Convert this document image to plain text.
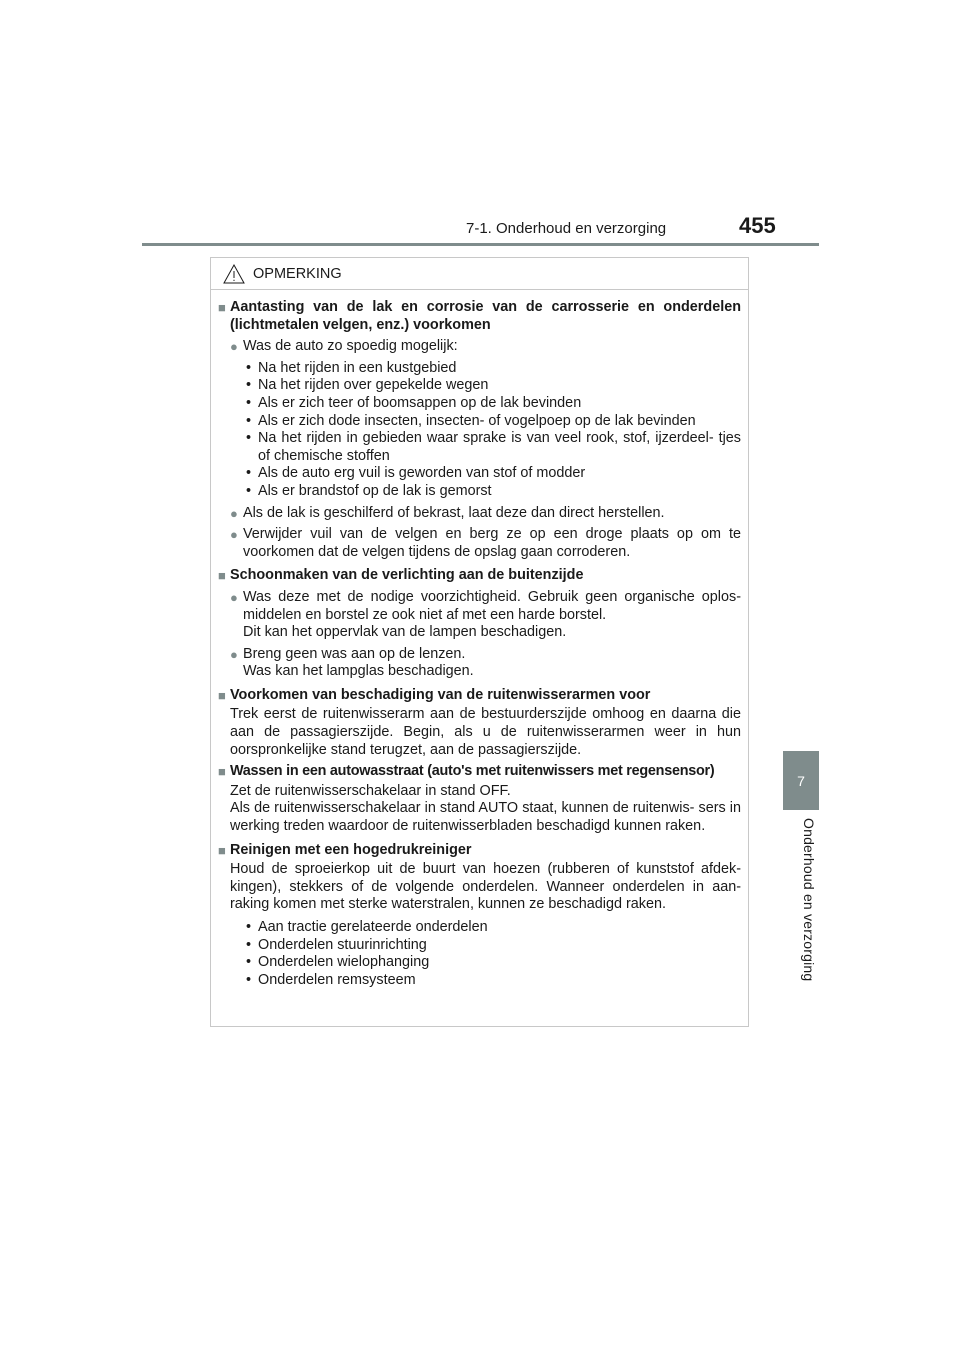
7-1. Onderhoud en verzorging	455
7
Onderhoud en verzorging
OPMERKING
■ Aantasting van de lak en corrosie van de carrosserie en onderdelen (lichtmetalen velgen, enz.) voorkomen
● Was de auto zo spoedig mogelijk:
• Na het rijden in een kustgebied
• Na het rijden over gepekelde wegen
• Als er zich teer of boomsappen op de lak bevinden
• Als er zich dode insecten, insecten- of vogelpoep op de lak bevinden
• Na het rijden in gebieden waar sprake is van veel rook, stof, ijzerdeel- tjes of chemische stoffen
• Als de auto erg vuil is geworden van stof of modder
• Als er brandstof op de lak is gemorst
● Als de lak is geschilferd of bekrast, laat deze dan direct herstellen.
● Verwijder vuil van de velgen en berg ze op een droge plaats op om te voorkomen dat de velgen tijdens de opslag gaan corroderen.
■ Schoonmaken van de verlichting aan de buitenzijde
● Was deze met de nodige voorzichtigheid. Gebruik geen organische oplos- middelen en borstel ze ook niet af met een harde borstel.
Dit kan het oppervlak van de lampen beschadigen.
● Breng geen was aan op de lenzen.
Was kan het lampglas beschadigen.
■ Voorkomen van beschadiging van de ruitenwisserarmen voor
Trek eerst de ruitenwisserarm aan de bestuurderszijde omhoog en daarna die aan de passagierszijde. Begin, als u de ruitenwisserarmen weer in hun oorspronkelijke stand terugzet, aan de passagierszijde.
■ Wassen in een autowasstraat (auto's met ruitenwissers met regensensor)
Zet de ruitenwisserschakelaar in stand OFF.
Als de ruitenwisserschakelaar in stand AUTO staat, kunnen de ruitenwis- sers in werking treden waardoor de ruitenwisserbladen beschadigd kunnen raken.
■ Reinigen met een hogedrukreiniger
Houd de sproeierkop uit de buurt van hoezen (rubberen of kunststof afdek- kingen), stekkers of de volgende onderdelen. Wanneer onderdelen in aan- raking komen met sterke waterstralen, kunnen ze beschadigd raken.
• Aan tractie gerelateerde onderdelen
• Onderdelen stuurinrichting
• Onderdelen wielophanging
• Onderdelen remsysteem
